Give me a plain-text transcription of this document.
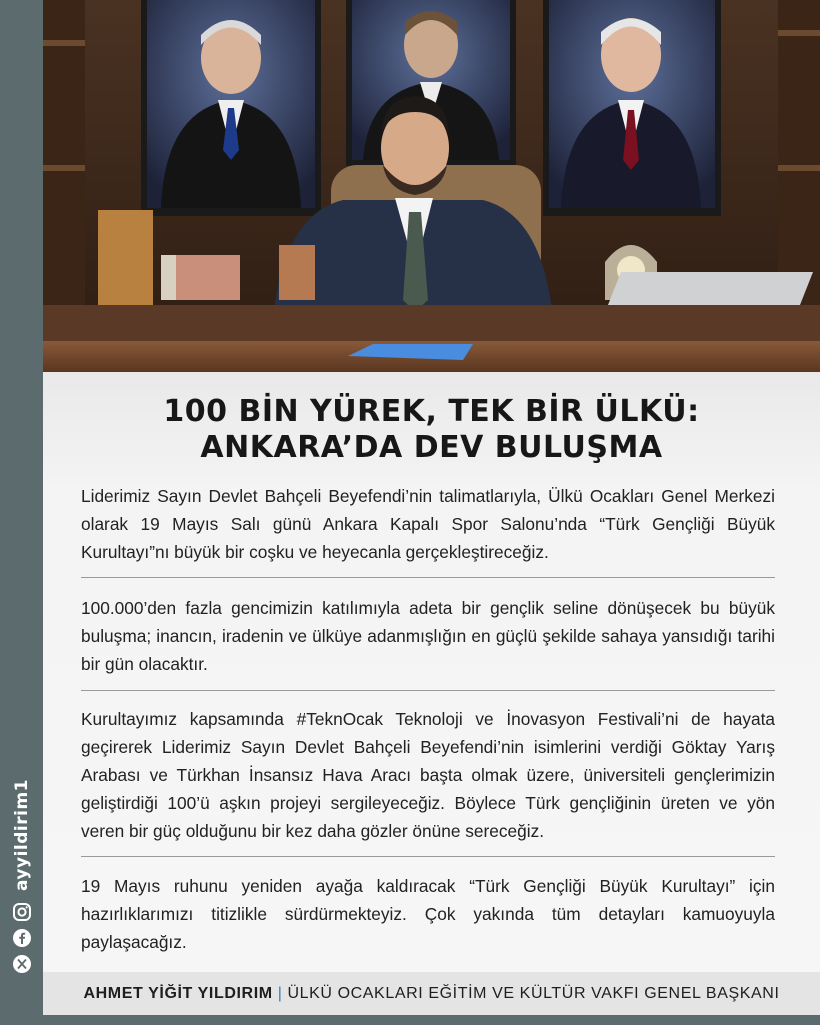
ayyildirim1
100 BİN YÜREK, TEK BİR ÜLKÜ:
ANKARA’DA DEV BULUŞMA
Liderimiz Sayın Devlet Bahçeli Beyefendi’nin talimatlarıyla, Ülkü Ocakları Genel Merkezi olarak 19 Mayıs Salı günü Ankara Kapalı Spor Salonu’nda “Türk Gençliği Büyük Kurultayı”nı büyük bir coşku ve heyecanla gerçekleştireceğiz.
100.000’den fazla gencimizin katılımıyla adeta bir gençlik seline dönüşecek bu büyük buluşma; inancın, iradenin ve ülküye adanmışlığın en güçlü şekilde sahaya yansıdığı tarihi bir gün olacaktır.
Kurultayımız kapsamında #TeknOcak Teknoloji ve İnovasyon Festivali’ni de hayata geçirerek Liderimiz Sayın Devlet Bahçeli Beyefendi’nin isimlerini verdiği Göktay Yarış Arabası ve Türkhan İnsansız Hava Aracı başta olmak üzere, üniversiteli gençlerimizin geliştirdiği 100’ü aşkın projeyi sergileyeceğiz. Böylece Türk gençliğinin üreten ve yön veren bir güç olduğunu bir kez daha gözler önüne sereceğiz.
19 Mayıs ruhunu yeniden ayağa kaldıracak “Türk Gençliği Büyük Kurultayı” için hazırlıklarımızı titizlikle sürdürmekteyiz. Çok yakında tüm detayları kamuoyuyla paylaşacağız.
AHMET YİĞİT YILDIRIM | ÜLKÜ OCAKLARI EĞİTİM VE KÜLTÜR VAKFI GENEL BAŞKANI
